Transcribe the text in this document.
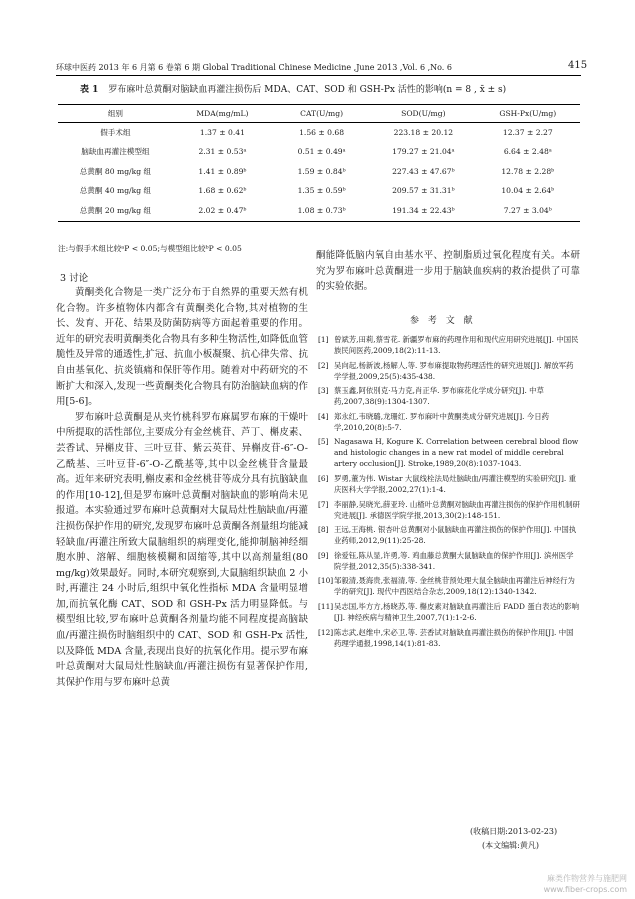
环球中医药 2013 年 6 月第 6 卷第 6 期 Global Traditional Chinese Medicine ,June 2013 ,Vol. 6 ,No. 6	415
表 1 罗布麻叶总黄酮对脑缺血再灌注损伤后 MDA、CAT、SOD 和 GSH-Px 活性的影响(n = 8 , x̄ ± s)
组别	MDA(mg/mL)	CAT(U/mg)	SOD(U/mg)	GSH-Px(U/mg)
假手术组	1.37 ± 0.41	1.56 ± 0.68	223.18 ± 20.12	12.37 ± 2.27
脑缺血再灌注模型组	2.31 ± 0.53ᵃ	0.51 ± 0.49ᵃ	179.27 ± 21.04ᵃ	6.64 ± 2.48ᵃ
总黄酮 80 mg/kg 组	1.41 ± 0.89ᵇ	1.59 ± 0.84ᵇ	227.43 ± 47.67ᵇ	12.78 ± 2.28ᵇ
总黄酮 40 mg/kg 组	1.68 ± 0.62ᵇ	1.35 ± 0.59ᵇ	209.57 ± 31.31ᵇ	10.04 ± 2.64ᵇ
总黄酮 20 mg/kg 组	2.02 ± 0.47ᵇ	1.08 ± 0.73ᵇ	191.34 ± 22.43ᵇ	7.27 ± 3.04ᵇ
注:与假手术组比较ᵃP < 0.05;与模型组比较ᵇP < 0.05
3 讨论

黄酮类化合物是一类广泛分布于自然界的重要天然有机化合物。许多植物体内都含有黄酮类化合物,其对植物的生长、发育、开花、结果及防菌防病等方面起着重要的作用。近年的研究表明黄酮类化合物具有多种生物活性,如降低血管脆性及异常的通透性,扩冠、抗血小板凝聚、抗心律失常、抗自由基氧化、抗炎镇痛和保肝等作用。随着对中药研究的不断扩大和深入,发现一些黄酮类化合物具有防治脑缺血病的作用[5-6]。

罗布麻叶总黄酮是从夹竹桃科罗布麻属罗布麻的干燥叶中所提取的活性部位,主要成分有金丝桃苷、芦丁、槲皮素、芸香试、异槲皮苷、三叶豆苷、紫云英苷、异槲皮苷-6″-O-乙酰基、三叶豆苷-6″-O-乙酰基等,其中以金丝桃苷含量最高。近年来研究表明,槲皮素和金丝桃苷等成分具有抗脑缺血的作用[10-12],但是罗布麻叶总黄酮对脑缺血的影响尚未见报道。本实验通过罗布麻叶总黄酮对大鼠局灶性脑缺血/再灌注损伤保护作用的研究,发现罗布麻叶总黄酮各剂量组均能减轻缺血/再灌注所致大鼠脑组织的病理变化,能抑制脑神经细胞水肿、溶解、细胞核模糊和固缩等,其中以高剂量组(80 mg/kg)效果最好。同时,本研究观察到,大鼠脑组织缺血 2 小时,再灌注 24 小时后,组织中氧化性指标 MDA 含量明显增加,而抗氧化酶 CAT、SOD 和 GSH-Px 活力明显降低。与模型组比较,罗布麻叶总黄酮各剂量均能不同程度提高脑缺血/再灌注损伤时脑组织中的 CAT、SOD 和 GSH-Px 活性,以及降低 MDA 含量,表现出良好的抗氧化作用。提示罗布麻叶总黄酮对大鼠局灶性脑缺血/再灌注损伤有显著保护作用,其保护作用与罗布麻叶总黄

酮能降低脑内氧自由基水平、控制脂质过氧化程度有关。本研究为罗布麻叶总黄酮进一步用于脑缺血疾病的救治提供了可靠的实验依据。

参 考 文 献
[1] 曾斌芳,田莉,蔡雪花. 新疆罗布麻的药理作用和现代应用研究进展[J]. 中国民族民间医药,2009,18(2):11-13.
[2] 吴向起,杨新波,杨解人,等. 罗布麻提取物药理活性的研究进展[J]. 解放军药学学报,2009,25(5):435-438.
[3] 蔡玉鑫,阿依別克·马力克,肖正华. 罗布麻花化学成分研究[J]. 中草药,2007,38(9):1304-1307.
[4] 郑永红,韦晓璐,龙珊红. 罗布麻叶中黄酮类成分研究进展[J]. 今日药学,2010,20(8):5-7.
[5] Nagasawa H, Kogure K. Correlation between cerebral blood flow and histologic changes in a new rat model of middle cerebral artery occlusion[J]. Stroke,1989,20(8):1037-1043.
[6] 罗勇,董为伟. Wistar 大鼠线栓法局灶脑缺血/再灌注模型的实验研究[J]. 重庆医科大学学报,2002,27(1):1-4.
[7] 李丽静,吴晓光,薛亚玲. 山楂叶总黄酮对脑缺血再灌注损伤的保护作用机制研究进展[J]. 承德医学院学报,2013,30(2):148-151.
[8] 王远,王海桃. 银杏叶总黄酮对小鼠脑缺血再灌注损伤的保护作用[J]. 中国执业药师,2012,9(11):25-28.
[9] 徐爱钰,陈从显,许勇,等. 鸡血藤总黄酮大鼠脑缺血的保护作用[J]. 滨州医学院学报,2012,35(5):338-341.
[10] 邹毅清,聂海贵,张福清,等. 金丝桃苷预处理大鼠全脑缺血再灌注后神经行为学的研究[J]. 现代中西医结合杂志,2009,18(12):1340-1342.
[11] 吴志国,毕方方,杨晓苏,等. 槲皮素对脑缺血再灌注后 FADD 蛋白表达的影响[J]. 神经疾病与精神卫生,2007,7(1):1-2-6.
[12] 陈志武,赵维中,宋必卫,等. 芸香试对脑缺血再灌注损伤的保护作用[J]. 中国药理学通报,1998,14(1):81-83.
(收稿日期:2013-02-23)
(本文编辑:黄凡)
麻类作物营养与施肥网
www.fiber-crops.com
